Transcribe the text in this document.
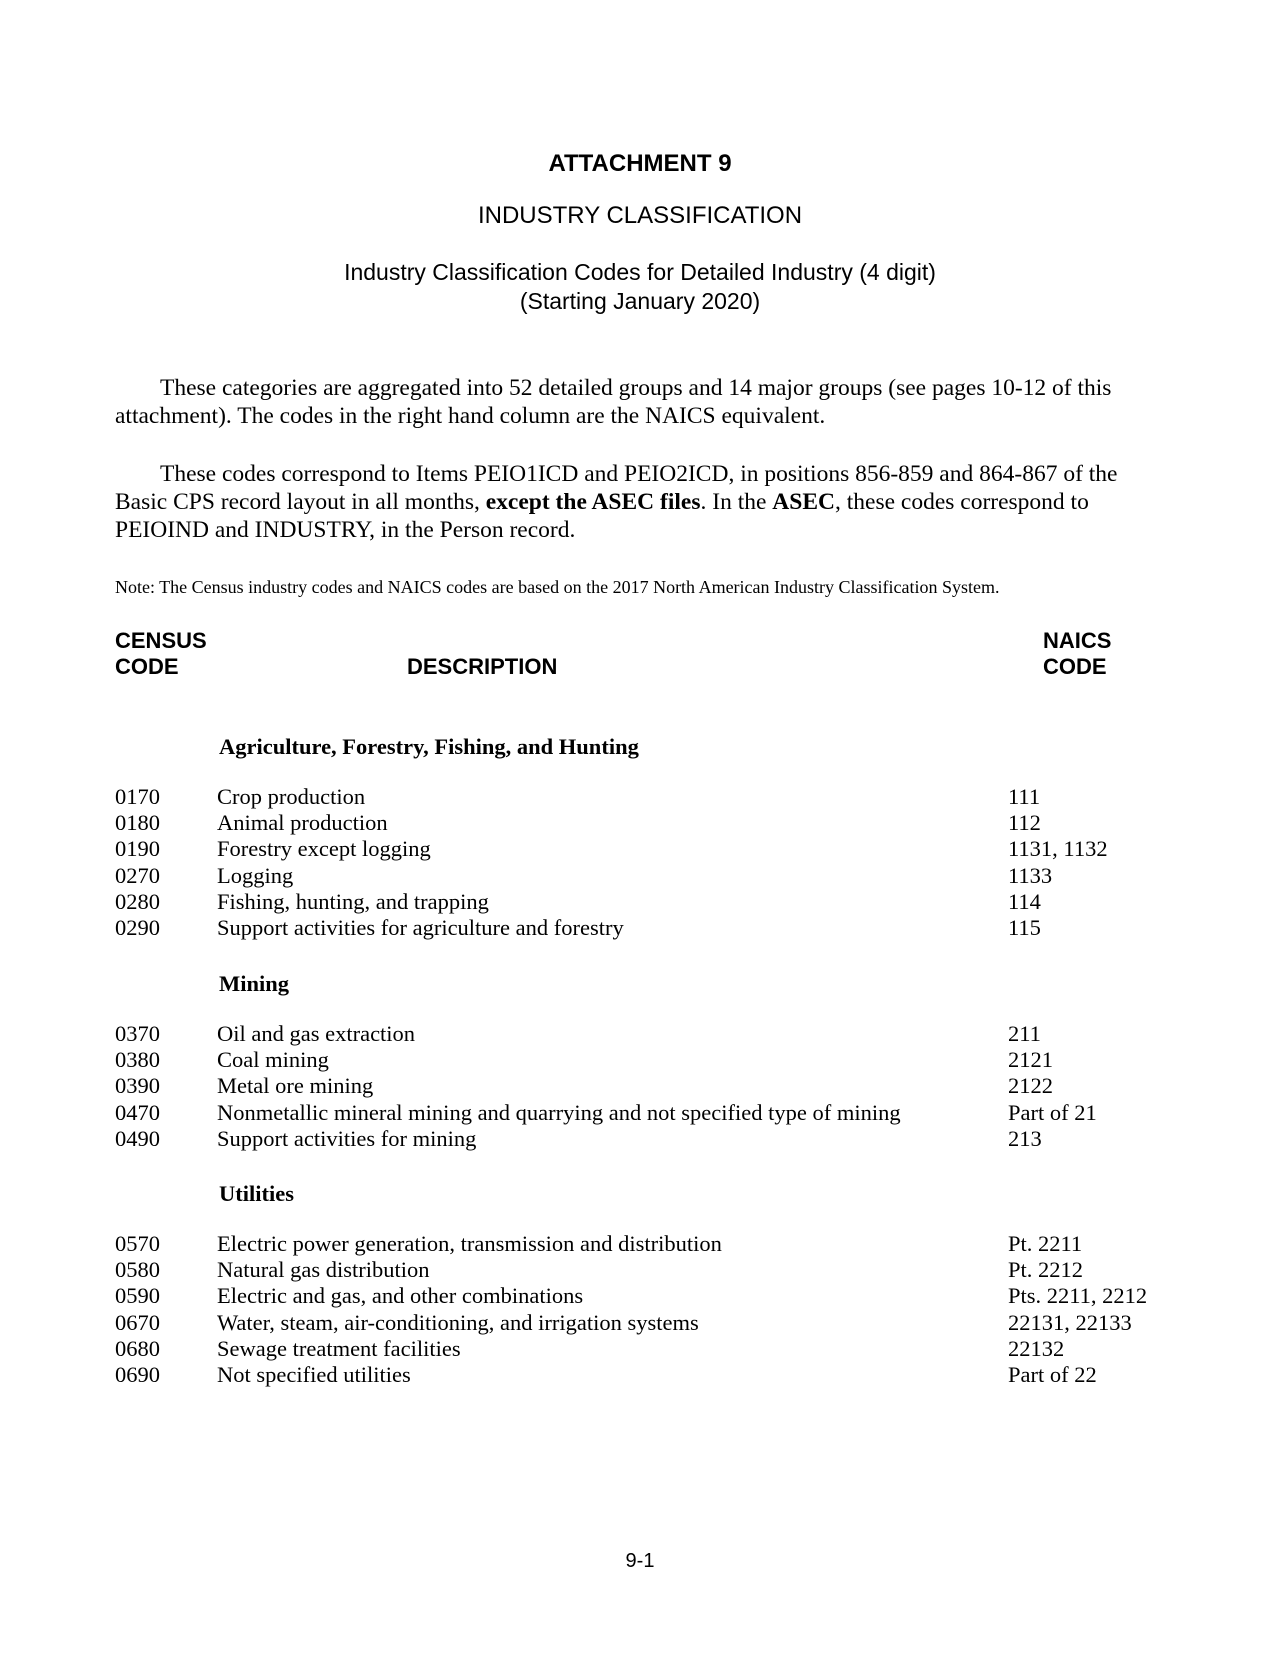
ATTACHMENT 9
INDUSTRY CLASSIFICATION
Industry Classification Codes for Detailed Industry (4 digit)
(Starting January 2020)
These categories are aggregated into 52 detailed groups and 14 major groups (see pages 10-12 of this attachment). The codes in the right hand column are the NAICS equivalent.
These codes correspond to Items PEIO1ICD and PEIO2ICD, in positions 856-859 and 864-867 of the Basic CPS record layout in all months, except the ASEC files. In the ASEC, these codes correspond to PEIOIND and INDUSTRY, in the Person record.
Note: The Census industry codes and NAICS codes are based on the 2017 North American Industry Classification System.
CENSUS
CODE	DESCRIPTION
NAICS
CODE
Agriculture, Forestry, Fishing, and Hunting
0170	Crop production	111
0180	Animal production	112
0190	Forestry except logging	1131, 1132
0270	Logging	1133
0280	Fishing, hunting, and trapping	114
0290	Support activities for agriculture and forestry	115
Mining
0370	Oil and gas extraction	211
0380	Coal mining	2121
0390	Metal ore mining	2122
0470	Nonmetallic mineral mining and quarrying and not specified type of mining	Part of 21
0490	Support activities for mining	213
Utilities
0570	Electric power generation, transmission and distribution	Pt. 2211
0580	Natural gas distribution	Pt. 2212
0590	Electric and gas, and other combinations	Pts. 2211, 2212
0670	Water, steam, air-conditioning, and irrigation systems	22131, 22133
0680	Sewage treatment facilities	22132
0690	Not specified utilities	Part of 22
9-1
